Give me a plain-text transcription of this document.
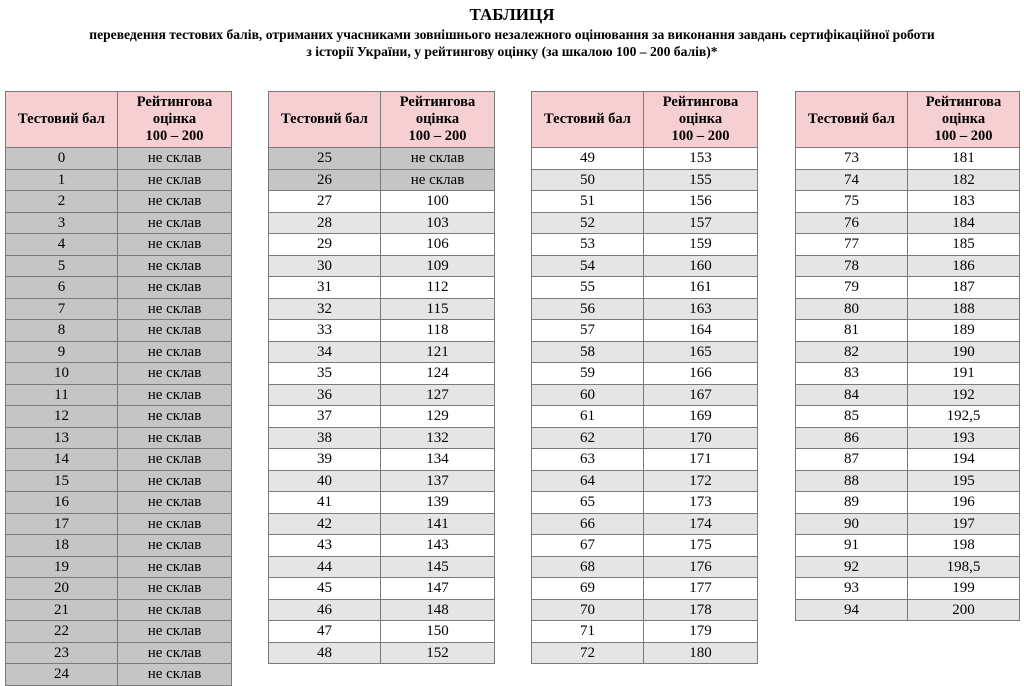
ТАБЛИЦЯ
переведення тестових балів, отриманих учасниками зовнішнього незалежного оцінювання за виконання завдань сертифікаційної роботи
з історії України, у рейтингову оцінку (за шкалою 100 – 200 балів)*
Тестовий бал	Рейтингова
оцінка
100 – 200
0	не склав
1	не склав
2	не склав
3	не склав
4	не склав
5	не склав
6	не склав
7	не склав
8	не склав
9	не склав
10	не склав
11	не склав
12	не склав
13	не склав
14	не склав
15	не склав
16	не склав
17	не склав
18	не склав
19	не склав
20	не склав
21	не склав
22	не склав
23	не склав
24	не склав
Тестовий бал	Рейтингова
оцінка
100 – 200
25	не склав
26	не склав
27	100
28	103
29	106
30	109
31	112
32	115
33	118
34	121
35	124
36	127
37	129
38	132
39	134
40	137
41	139
42	141
43	143
44	145
45	147
46	148
47	150
48	152
Тестовий бал	Рейтингова
оцінка
100 – 200
49	153
50	155
51	156
52	157
53	159
54	160
55	161
56	163
57	164
58	165
59	166
60	167
61	169
62	170
63	171
64	172
65	173
66	174
67	175
68	176
69	177
70	178
71	179
72	180
Тестовий бал	Рейтингова
оцінка
100 – 200
73	181
74	182
75	183
76	184
77	185
78	186
79	187
80	188
81	189
82	190
83	191
84	192
85	192,5
86	193
87	194
88	195
89	196
90	197
91	198
92	198,5
93	199
94	200
